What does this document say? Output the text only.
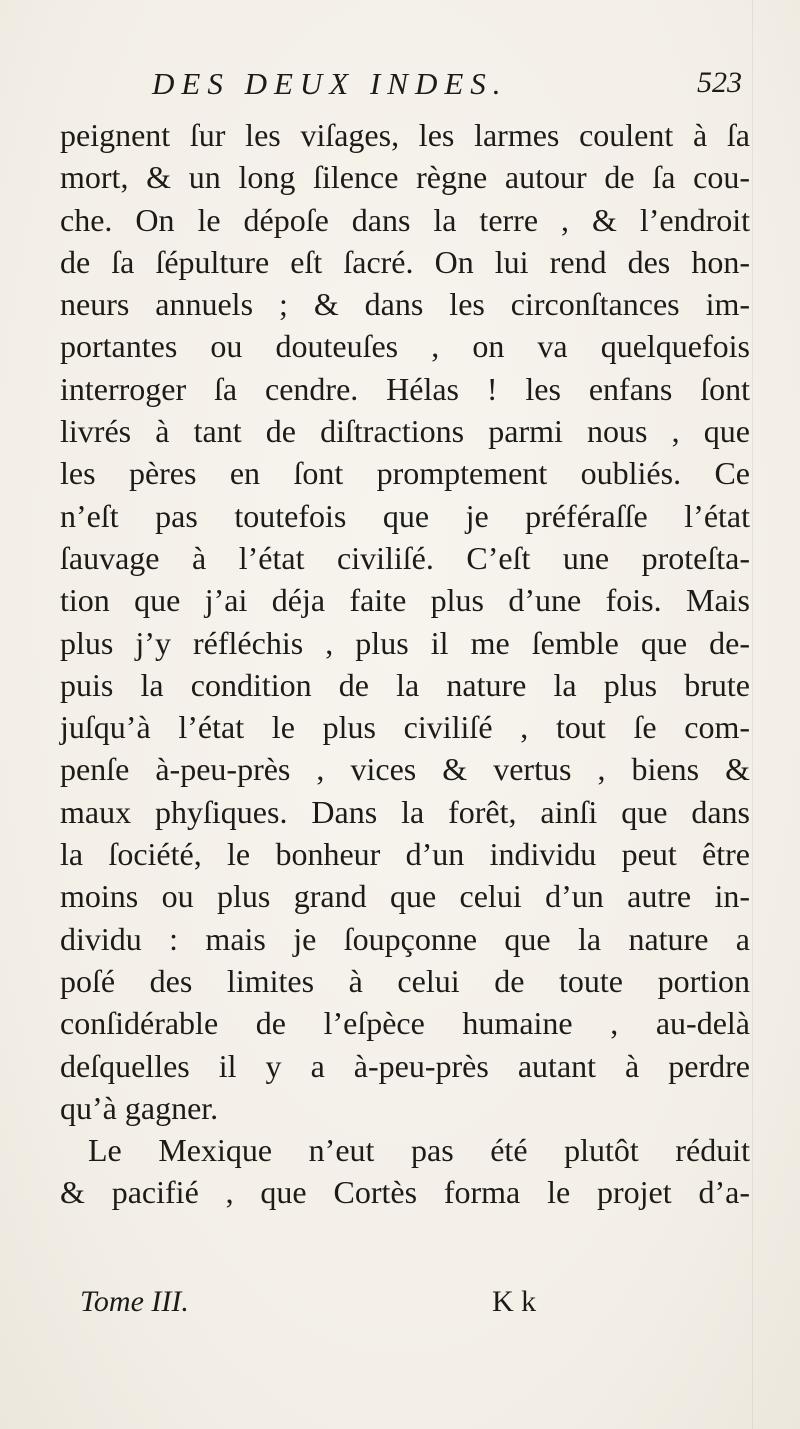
DES DEUX INDES.	523
peignent ſur les viſages, les larmes coulent à ſa
mort, & un long ſilence règne autour de ſa cou-
che. On le dépoſe dans la terre , & l’endroit
de ſa ſépulture eſt ſacré. On lui rend des hon-
neurs annuels ; & dans les circonſtances im-
portantes ou douteuſes , on va quelquefois
interroger ſa cendre. Hélas ! les enfans ſont
livrés à tant de diſtractions parmi nous , que
les pères en ſont promptement oubliés. Ce
n’eſt pas toutefois que je préféraſſe l’état
ſauvage à l’état civiliſé. C’eſt une proteſta-
tion que j’ai déja faite plus d’une fois. Mais
plus j’y réfléchis , plus il me ſemble que de-
puis la condition de la nature la plus brute
juſqu’à l’état le plus civiliſé , tout ſe com-
penſe à-peu-près , vices & vertus , biens &
maux phyſiques. Dans la forêt, ainſi que dans
la ſociété, le bonheur d’un individu peut être
moins ou plus grand que celui d’un autre in-
dividu : mais je ſoupçonne que la nature a
poſé des limites à celui de toute portion
conſidérable de l’eſpèce humaine , au-delà
deſquelles il y a à-peu-près autant à perdre
qu’à gagner.
Le Mexique n’eut pas été plutôt réduit
& pacifié , que Cortès forma le projet d’a-
Tome III.	K k
